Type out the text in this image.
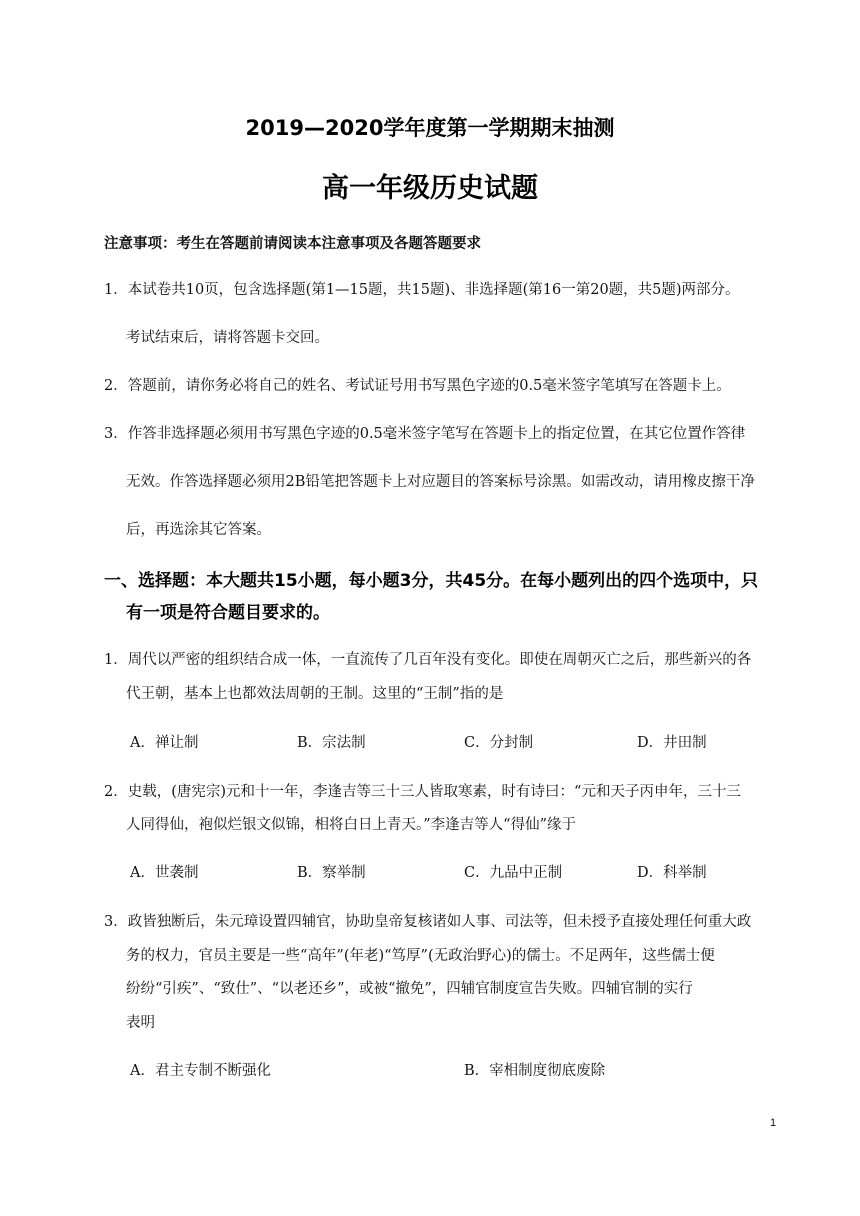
2019—2020学年度第一学期期末抽测
高一年级历史试题
注意事项：考生在答题前请阅读本注意事项及各题答题要求
1．本试卷共10页，包含选择题(第1—15题，共15题)、非选择题(第16一第20题，共5题)两部分。
考试结束后，请将答题卡交回。
2．答题前，请你务必将自己的姓名、考试证号用书写黑色字迹的0.5毫米签字笔填写在答题卡上。
3．作答非选择题必须用书写黑色字迹的0.5毫米签字笔写在答题卡上的指定位置，在其它位置作答律
无效。作答选择题必须用2B铅笔把答题卡上对应题目的答案标号涂黑。如需改动，请用橡皮擦干净
后，再选涂其它答案。
一、选择题：本大题共15小题，每小题3分，共45分。在每小题列出的四个选项中，只
有一项是符合题目要求的。
1．周代以严密的组织结合成一体，一直流传了几百年没有变化。即使在周朝灭亡之后，那些新兴的各
代王朝，基本上也都效法周朝的王制。这里的“王制”指的是
A．禅让制	B．宗法制	C．分封制	D．井田制
2．史载，(唐宪宗)元和十一年，李逢吉等三十三人皆取寒素，时有诗曰：“元和天子丙申年，三十三
人同得仙，袍似烂银文似锦，相将白日上青天。”李逢吉等人“得仙”缘于
A．世袭制	B．察举制	C．九品中正制	D．科举制
3．政皆独断后，朱元璋设置四辅官，协助皇帝复核诸如人事、司法等，但未授予直接处理任何重大政
务的权力，官员主要是一些“高年”(年老)“笃厚”(无政治野心)的儒士。不足两年，这些儒士便
纷纷“引疾”、“致仕”、“以老还乡”，或被“撤免”，四辅官制度宣告失败。四辅官制的实行
表明
A．君主专制不断强化	B．宰相制度彻底废除
1
